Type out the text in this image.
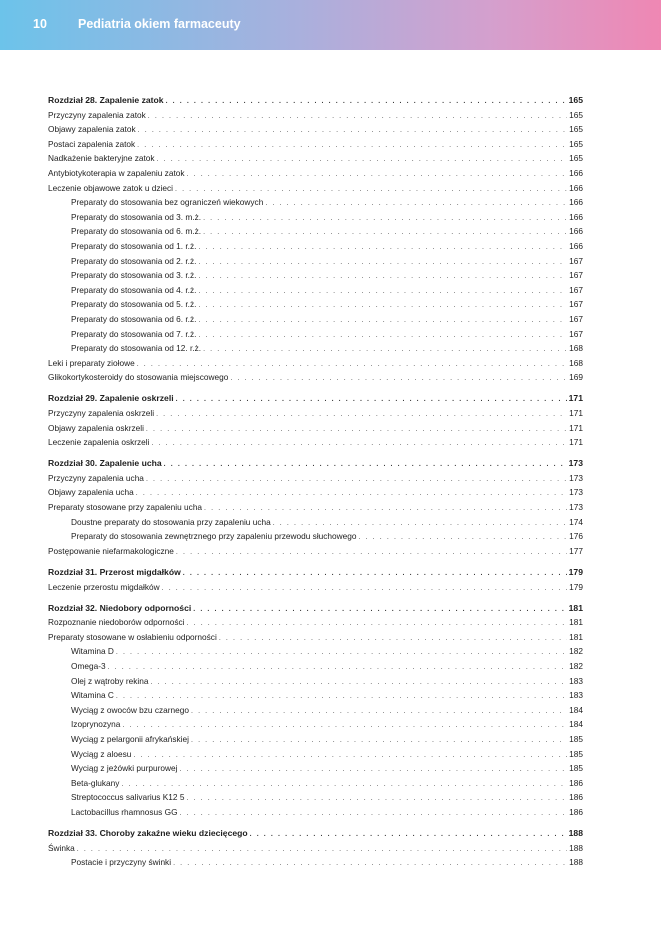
10 Pediatria okiem farmaceuty
Rozdział 28. Zapalenie zatok . . .	165
Przyczyny zapalenia zatok . . .	165
Objawy zapalenia zatok . . .	165
Postaci zapalenia zatok . . .	165
Nadkażenie bakteryjne zatok . . .	165
Antybiotykoterapia w zapaleniu zatok . . .	166
Leczenie objawowe zatok u dzieci . . .	166
Preparaty do stosowania bez ograniczeń wiekowych . . .	166
Preparaty do stosowania od 3. m.ż. . . .	166
Preparaty do stosowania od 6. m.ż. . . .	166
Preparaty do stosowania od 1. r.ż. . . .	166
Preparaty do stosowania od 2. r.ż. . . .	167
Preparaty do stosowania od 3. r.ż. . . .	167
Preparaty do stosowania od 4. r.ż. . . .	167
Preparaty do stosowania od 5. r.ż. . . .	167
Preparaty do stosowania od 6. r.ż. . . .	167
Preparaty do stosowania od 7. r.ż. . . .	167
Preparaty do stosowania od 12. r.ż. . . .	168
Leki i preparaty ziołowe . . .	168
Glikokortykosteroidy do stosowania miejscowego . . .	169
Rozdział 29. Zapalenie oskrzeli . . .	171
Przyczyny zapalenia oskrzeli . . .	171
Objawy zapalenia oskrzeli . . .	171
Leczenie zapalenia oskrzeli . . .	171
Rozdział 30. Zapalenie ucha . . .	173
Przyczyny zapalenia ucha . . .	173
Objawy zapalenia ucha . . .	173
Preparaty stosowane przy zapaleniu ucha . . .	173
Doustne preparaty do stosowania przy zapaleniu ucha . . .	174
Preparaty do stosowania zewnętrznego przy zapaleniu przewodu słuchowego . . .	176
Postępowanie niefarmakologiczne . . .	177
Rozdział 31. Przerost migdałków . . .	179
Leczenie przerostu migdałków . . .	179
Rozdział 32. Niedobory odporności . . .	181
Rozpoznanie niedoborów odporności . . .	181
Preparaty stosowane w osłabieniu odporności . . .	181
Witamina D . . .	182
Omega-3 . . .	182
Olej z wątroby rekina . . .	183
Witamina C . . .	183
Wyciąg z owoców bzu czarnego . . .	184
Izoprynozyna . . .	184
Wyciąg z pelargonii afrykańskiej . . .	185
Wyciąg z aloesu . . .	185
Wyciąg z jeżówki purpurowej . . .	185
Beta-glukany . . .	186
Streptococcus salivarius K12 5 . . .	186
Lactobacillus rhamnosus GG . . .	186
Rozdział 33. Choroby zakaźne wieku dziecięcego . . .	188
Świnka . . .	188
Postacie i przyczyny świnki . . .	188
